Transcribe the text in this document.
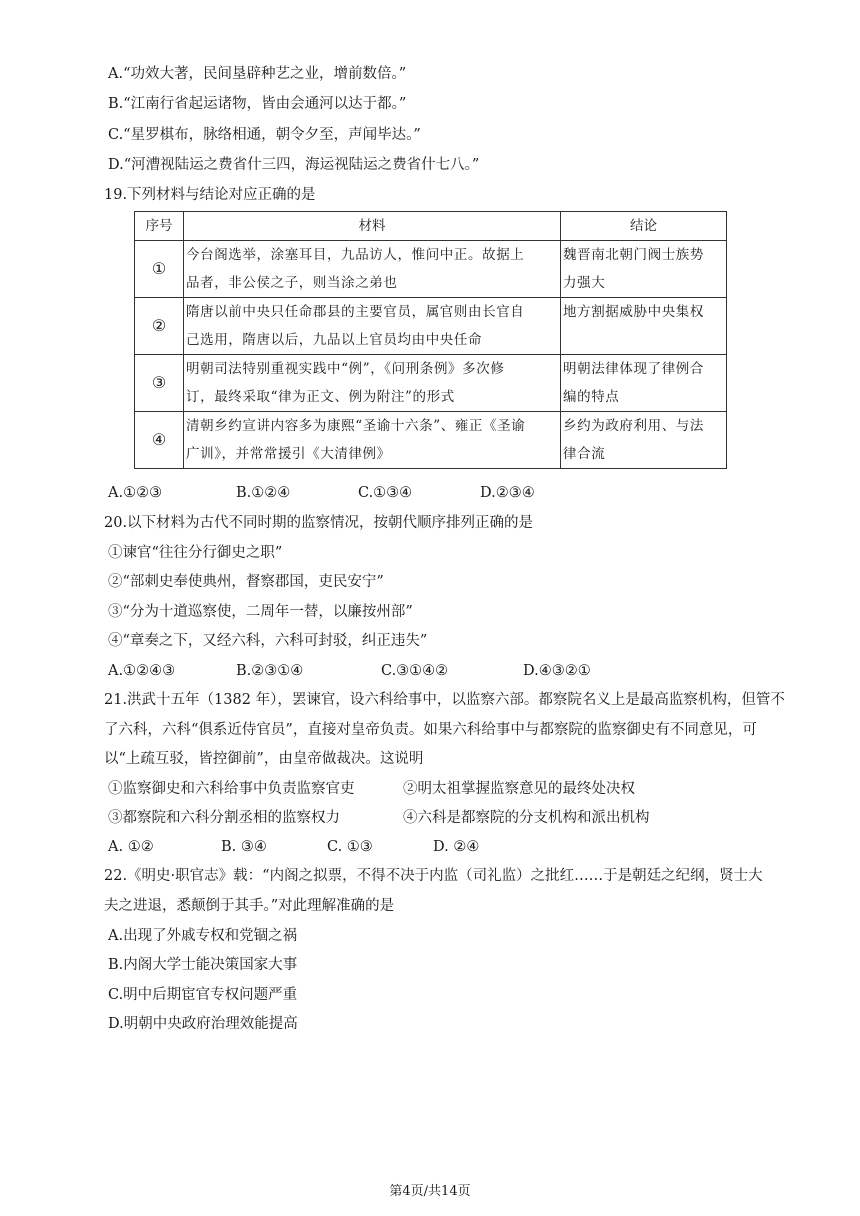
A.“功效大著，民间垦辟种艺之业，增前数倍。”
B.“江南行省起运诸物，皆由会通河以达于都。”
C.“星罗棋布，脉络相通，朝令夕至，声闻毕达。”
D.“河漕视陆运之费省什三四，海运视陆运之费省什七八。”
19.下列材料与结论对应正确的是
序号	材料	结论
①	今台阁选举，涂塞耳目，九品访人，惟问中正。故据上
品者，非公侯之子，则当涂之弟也	魏晋南北朝门阀士族势
力强大
②	隋唐以前中央只任命郡县的主要官员，属官则由长官自
己选用，隋唐以后，九品以上官员均由中央任命	地方割据威胁中央集权

③	明朝司法特别重视实践中“例”，《问刑条例》多次修
订，最终采取“律为正文、例为附注”的形式	明朝法律体现了律例合
编的特点
④	清朝乡约宣讲内容多为康熙“圣谕十六条”、雍正《圣谕
广训》，并常常援引《大清律例》	乡约为政府利用、与法
律合流
A.①②③	B.①②④	C.①③④	D.②③④
20.以下材料为古代不同时期的监察情况，按朝代顺序排列正确的是
①谏官“往往分行御史之职”
②“部刺史奉使典州，督察郡国，吏民安宁”
③“分为十道巡察使，二周年一替，以廉按州部”
④“章奏之下，又经六科，六科可封驳，纠正违失”
A.①②④③	B.②③①④	C.③①④②	D.④③②①
21.洪武十五年（1382 年），罢谏官，设六科给事中，以监察六部。都察院名义上是最高监察机构，但管不
了六科，六科“俱系近侍官员”，直接对皇帝负责。如果六科给事中与都察院的监察御史有不同意见，可
以“上疏互驳，皆控御前”，由皇帝做裁决。这说明
①监察御史和六科给事中负责监察官吏	②明太祖掌握监察意见的最终处决权
③都察院和六科分割丞相的监察权力	④六科是都察院的分支机构和派出机构
A. ①②	B. ③④	C. ①③	D. ②④
22.《明史·职官志》载：“内阁之拟票，不得不决于内监（司礼监）之批红……于是朝廷之纪纲，贤士大
夫之进退，悉颠倒于其手。”对此理解准确的是
A.出现了外戚专权和党锢之祸
B.内阁大学士能决策国家大事
C.明中后期宦官专权问题严重
D.明朝中央政府治理效能提高
第4页/共14页
